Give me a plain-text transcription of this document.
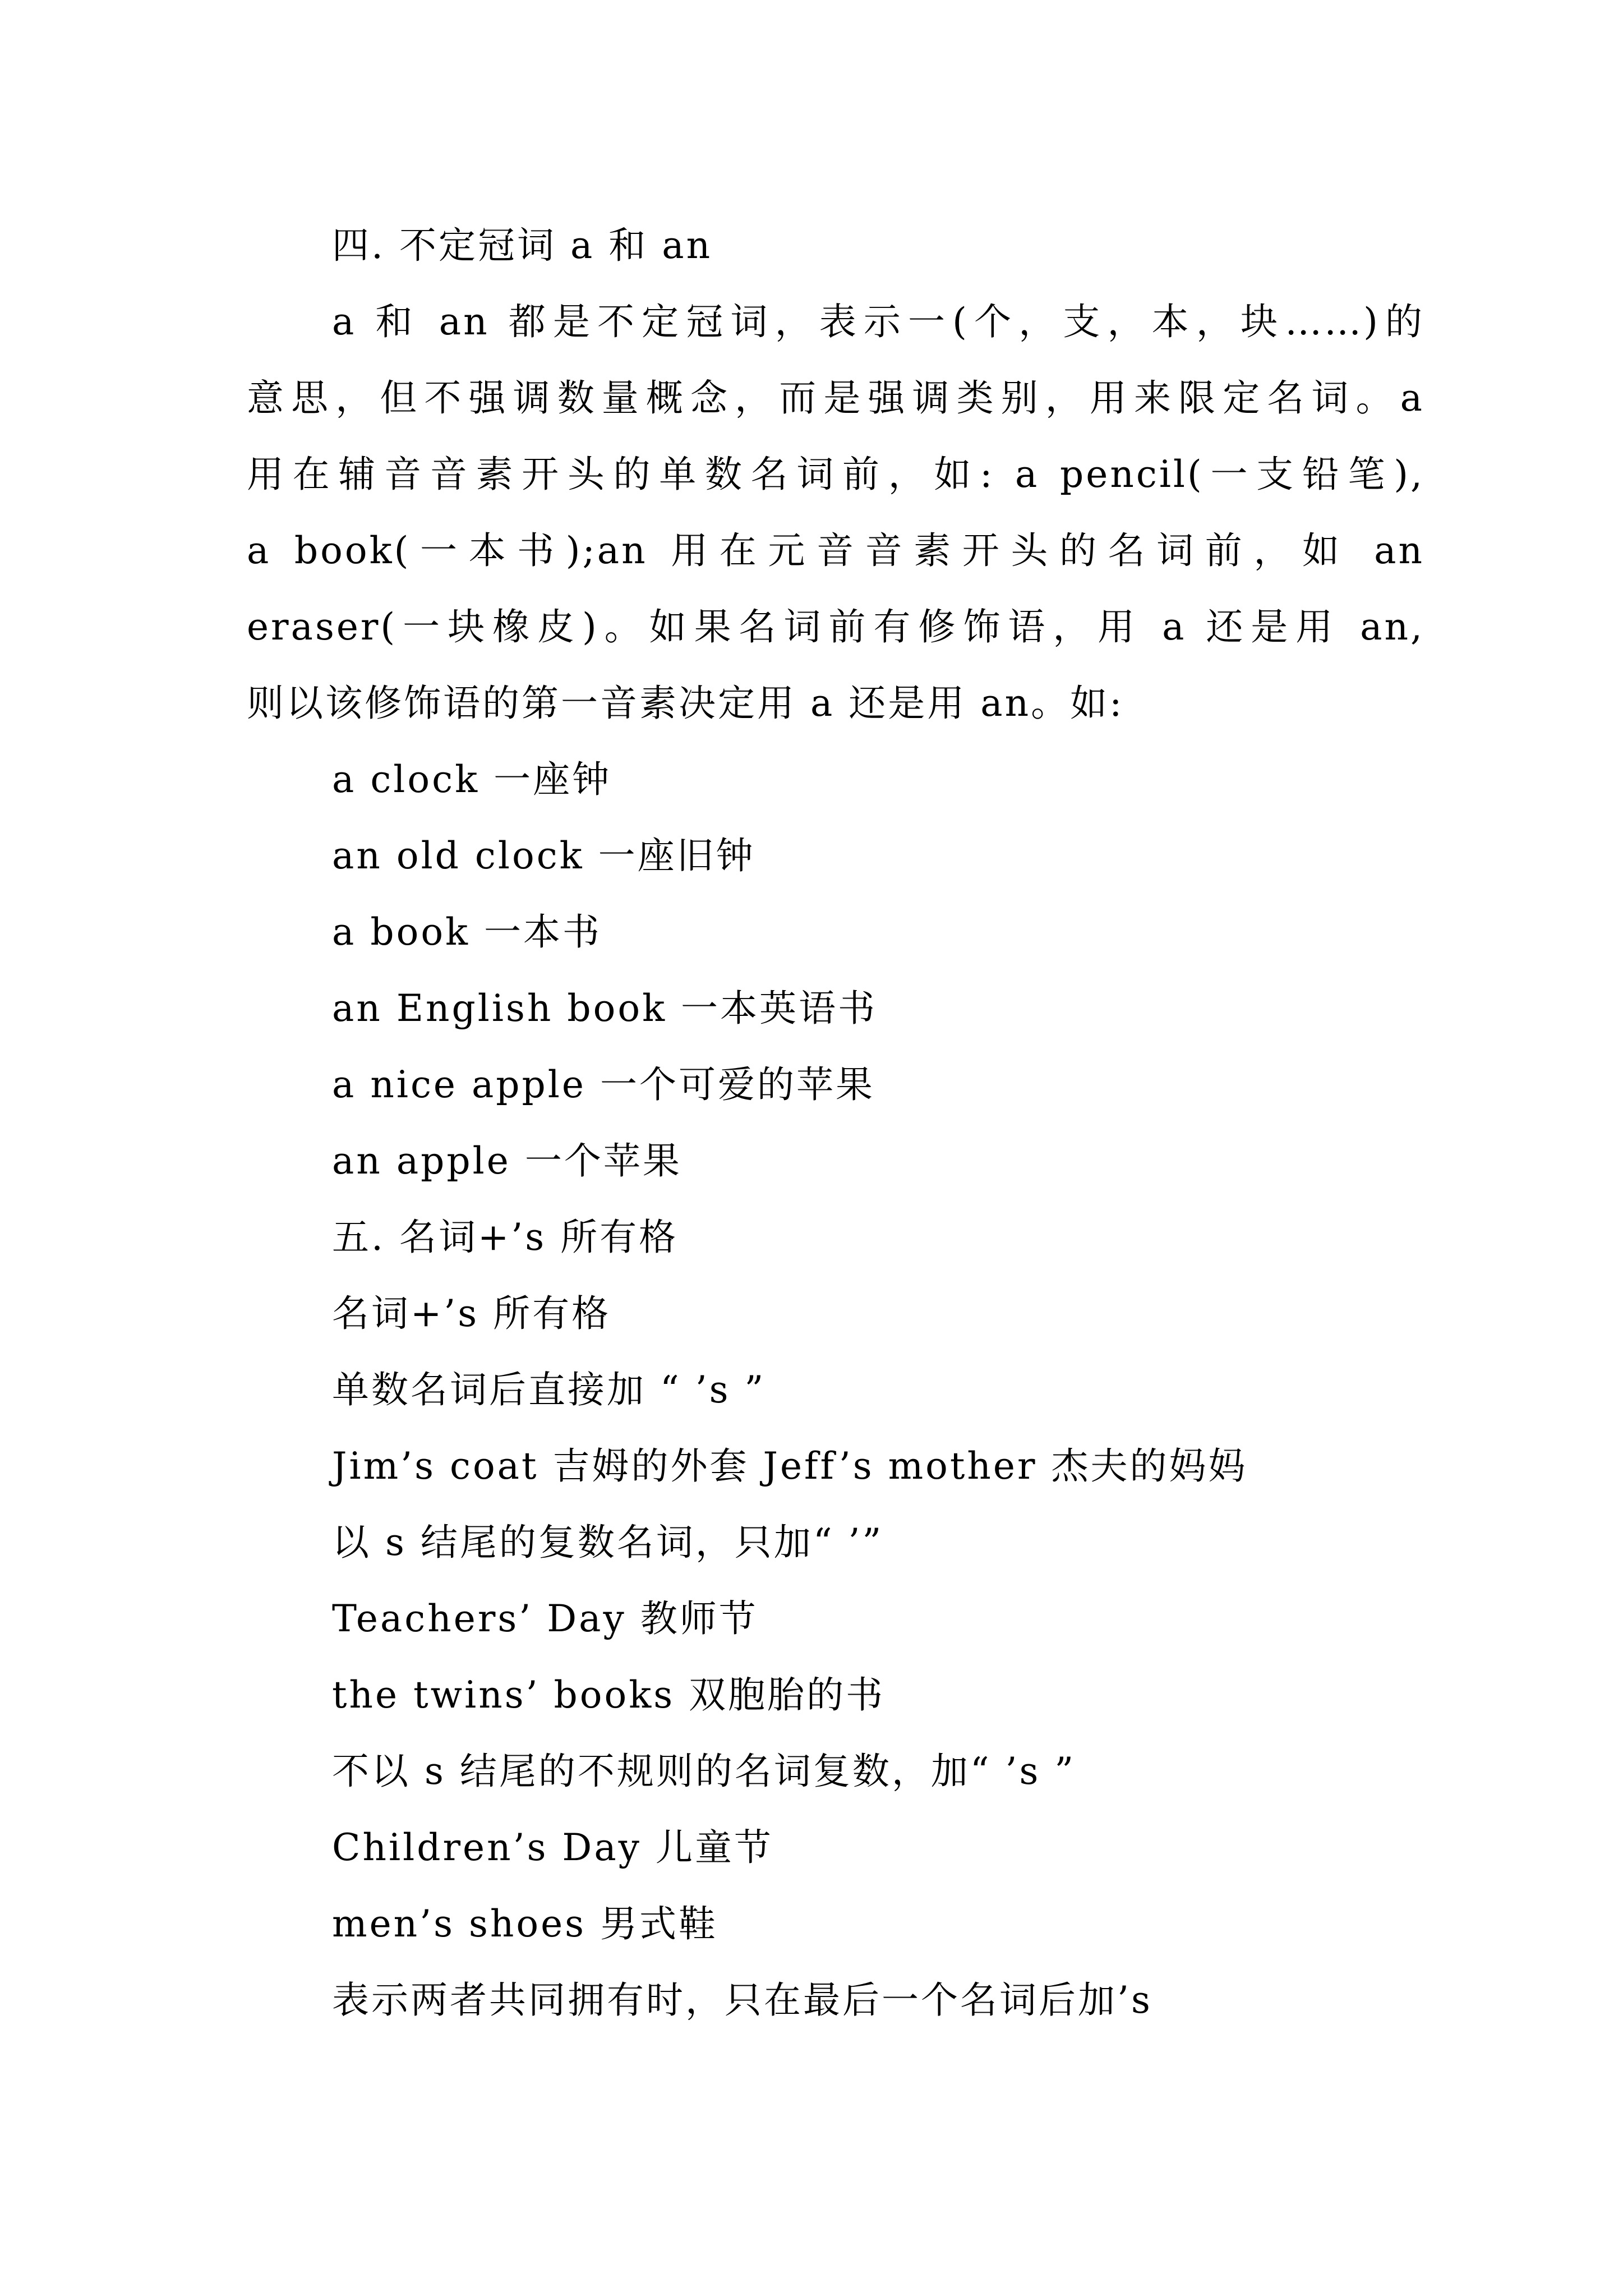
四. 不定冠词 a 和 an
a 和 an 都是不定冠词，表示一(个，支，本，块……)的
意思，但不强调数量概念，而是强调类别，用来限定名词。a
用在辅音音素开头的单数名词前，如: a pencil(一支铅笔),
a book(一本书);an 用在元音音素开头的名词前，如 an
eraser(一块橡皮)。如果名词前有修饰语，用 a 还是用 an,
则以该修饰语的第一音素决定用 a 还是用 an。如:
a clock 一座钟
an old clock 一座旧钟
a book 一本书
an English book 一本英语书
a nice apple 一个可爱的苹果
an apple 一个苹果
五. 名词+’s 所有格
名词+’s 所有格
单数名词后直接加 “ ’s ”
Jim’s coat 吉姆的外套 Jeff’s mother 杰夫的妈妈
以 s 结尾的复数名词，只加“ ’”
Teachers’ Day 教师节
the twins’ books 双胞胎的书
不以 s 结尾的不规则的名词复数，加“ ’s ”
Children’s Day 儿童节
men’s shoes 男式鞋
表示两者共同拥有时，只在最后一个名词后加’s
